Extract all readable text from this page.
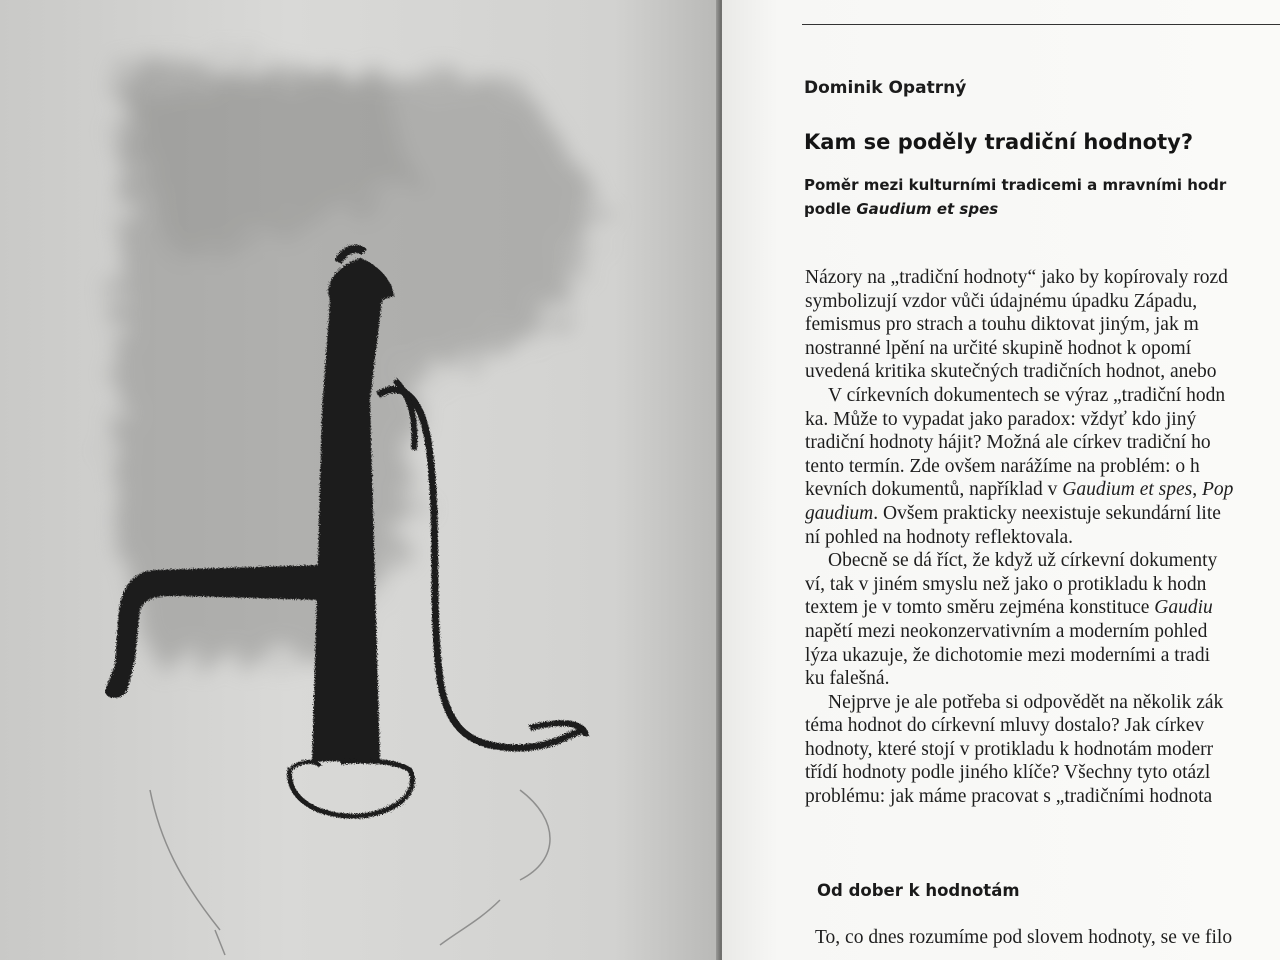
Dominik Opatrný
Kam se poděly tradiční hodnoty?
Poměr mezi kulturními tradicemi a mravními hodr
podle Gaudium et spes
Názory na „tradiční hodnoty“ jako by kopírovaly rozd
symbolizují vzdor vůči údajnému úpadku Západu,
femismus pro strach a touhu diktovat jiným, jak m
nostranné lpění na určité skupině hodnot k opomí
uvedená kritika skutečných tradičních hodnot, anebo
V církevních dokumentech se výraz „tradiční hodn
ka. Může to vypadat jako paradox: vždyť kdo jiný
tradiční hodnoty hájit? Možná ale církev tradiční ho
tento termín. Zde ovšem narážíme na problém: o h
kevních dokumentů, například v Gaudium et spes, Pop
gaudium. Ovšem prakticky neexistuje sekundární lite
ní pohled na hodnoty reflektovala.
Obecně se dá říct, že když už církevní dokumenty
ví, tak v jiném smyslu než jako o protikladu k hodn
textem je v tomto směru zejména konstituce Gaudiu
napětí mezi neokonzervativním a moderním pohled
lýza ukazuje, že dichotomie mezi moderními a tradi
ku falešná.
Nejprve je ale potřeba si odpovědět na několik zák
téma hodnot do církevní mluvy dostalo? Jak církev
hodnoty, které stojí v protikladu k hodnotám moderr
třídí hodnoty podle jiného klíče? Všechny tyto otázl
problému: jak máme pracovat s „tradičními hodnota
Od dober k hodnotám
To, co dnes rozumíme pod slovem hodnoty, se ve filo
